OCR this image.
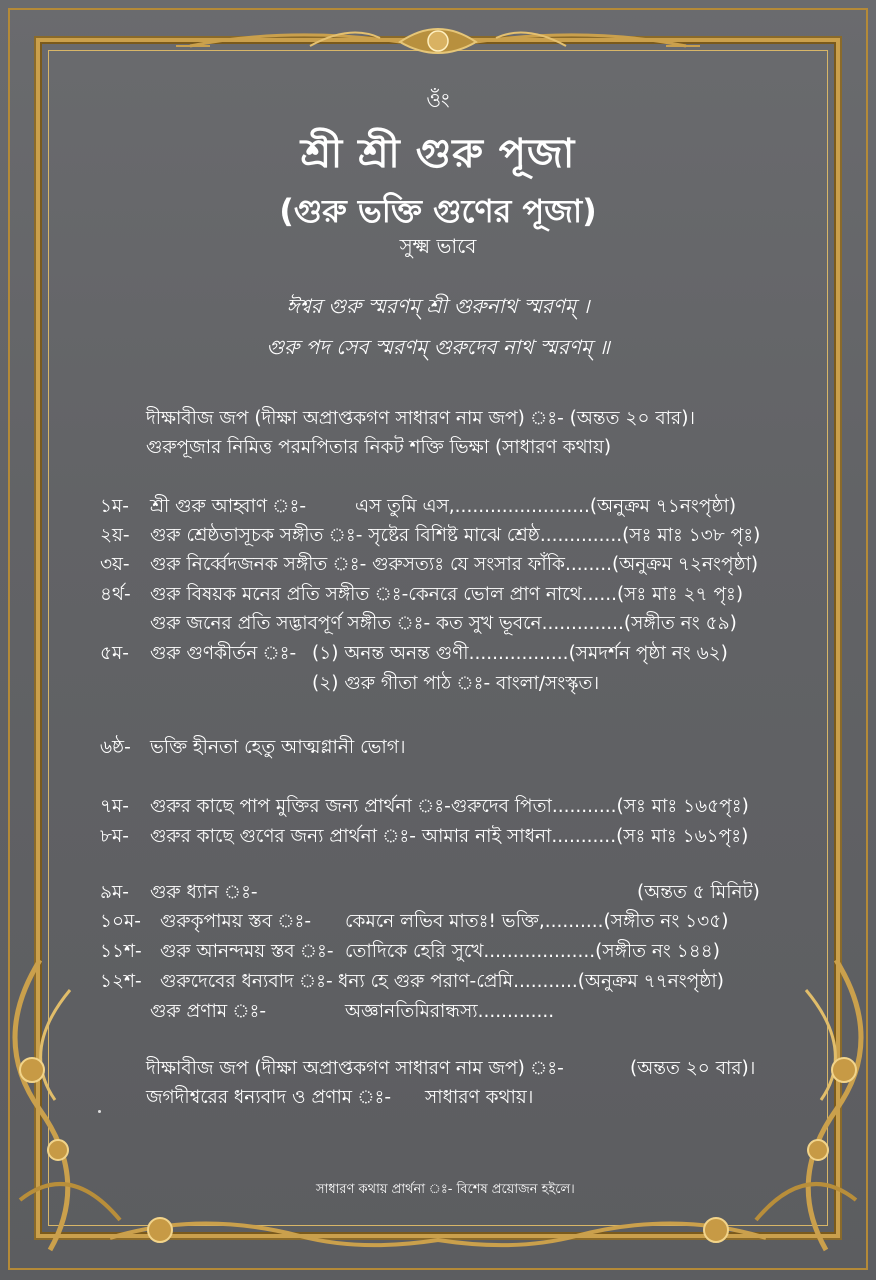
ওঁং
শ্রী শ্রী গুরু পূজা
(গুরু ভক্তি গুণের পূজা)
সুক্ষ্ম ভাবে
ঈশ্বর গুরু স্মরণম্ শ্রী গুরুনাথ স্মরণম্ ।
গুরু পদ সেব স্মরণম্ গুরুদেব নাথ স্মরণম্ ॥
দীক্ষাবীজ জপ (দীক্ষা অপ্রাপ্তকগণ সাধারণ নাম জপ) ঃ- (অন্তত ২০ বার)।
গুরুপূজার নিমিত্ত পরমপিতার নিকট শক্তি ভিক্ষা (সাধারণ কথায়)
১ম- শ্রী গুরু আহ্বাণ ঃ-	এস তুমি এস,.......................(অনুক্রম ৭১নংপৃষ্ঠা)
২য়- গুরু শ্রেষ্ঠতাসূচক সঙ্গীত ঃ- সৃষ্টের বিশিষ্ট মাঝে শ্রেষ্ঠ..............(সঃ মাঃ ১৩৮ পৃঃ)
৩য়- গুরু নির্ব্বেদজনক সঙ্গীত ঃ- গুরুসত্যঃ যে সংসার ফাঁকি........(অনুক্রম ৭২নংপৃষ্ঠা)
৪র্থ- গুরু বিষয়ক মনের প্রতি সঙ্গীত ঃ-কেনরে ভোল প্রাণ নাথে......(সঃ মাঃ ২৭ পৃঃ)
গুরু জনের প্রতি সদ্ভাবপূর্ণ সঙ্গীত ঃ- কত সুখ ভূবনে..............(সঙ্গীত নং ৫৯)
৫ম- গুরু গুণকীর্তন ঃ- (১) অনন্ত অনন্ত গুণী.................(সমদর্শন পৃষ্ঠা নং ৬২)
(২) গুরু গীতা পাঠ ঃ- বাংলা/সংস্কৃত।
৬ষ্ঠ- ভক্তি হীনতা হেতু আত্মগ্লানী ভোগ।
৭ম- গুরুর কাছে পাপ মুক্তির জন্য প্রার্থনা ঃ-গুরুদেব পিতা...........(সঃ মাঃ ১৬৫পৃঃ)
৮ম- গুরুর কাছে গুণের জন্য প্রার্থনা ঃ- আমার নাই সাধনা...........(সঃ মাঃ ১৬১পৃঃ)
৯ম- গুরু ধ্যান ঃ-	(অন্তত ৫ মিনিট)
১০ম- গুরুকৃপাময় স্তব ঃ- কেমনে লভিব মাতঃ! ভক্তি,..........(সঙ্গীত নং ১৩৫)
১১শ- গুরু আনন্দময় স্তব ঃ- তোদিকে হেরি সুখে...................(সঙ্গীত নং ১৪৪)
১২শ- গুরুদেবের ধন্যবাদ ঃ- ধন্য হে গুরু পরাণ-প্রেমি...........(অনুক্রম ৭৭নংপৃষ্ঠা)
গুরু প্রণাম ঃ-	অজ্ঞানতিমিরান্ধস্য.............
দীক্ষাবীজ জপ (দীক্ষা অপ্রাপ্তকগণ সাধারণ নাম জপ) ঃ-	(অন্তত ২০ বার)।
জগদীশ্বরের ধন্যবাদ ও প্রণাম ঃ- সাধারণ কথায়।
সাধারণ কথায় প্রার্থনা ঃ- বিশেষ প্রয়োজন হইলে।
